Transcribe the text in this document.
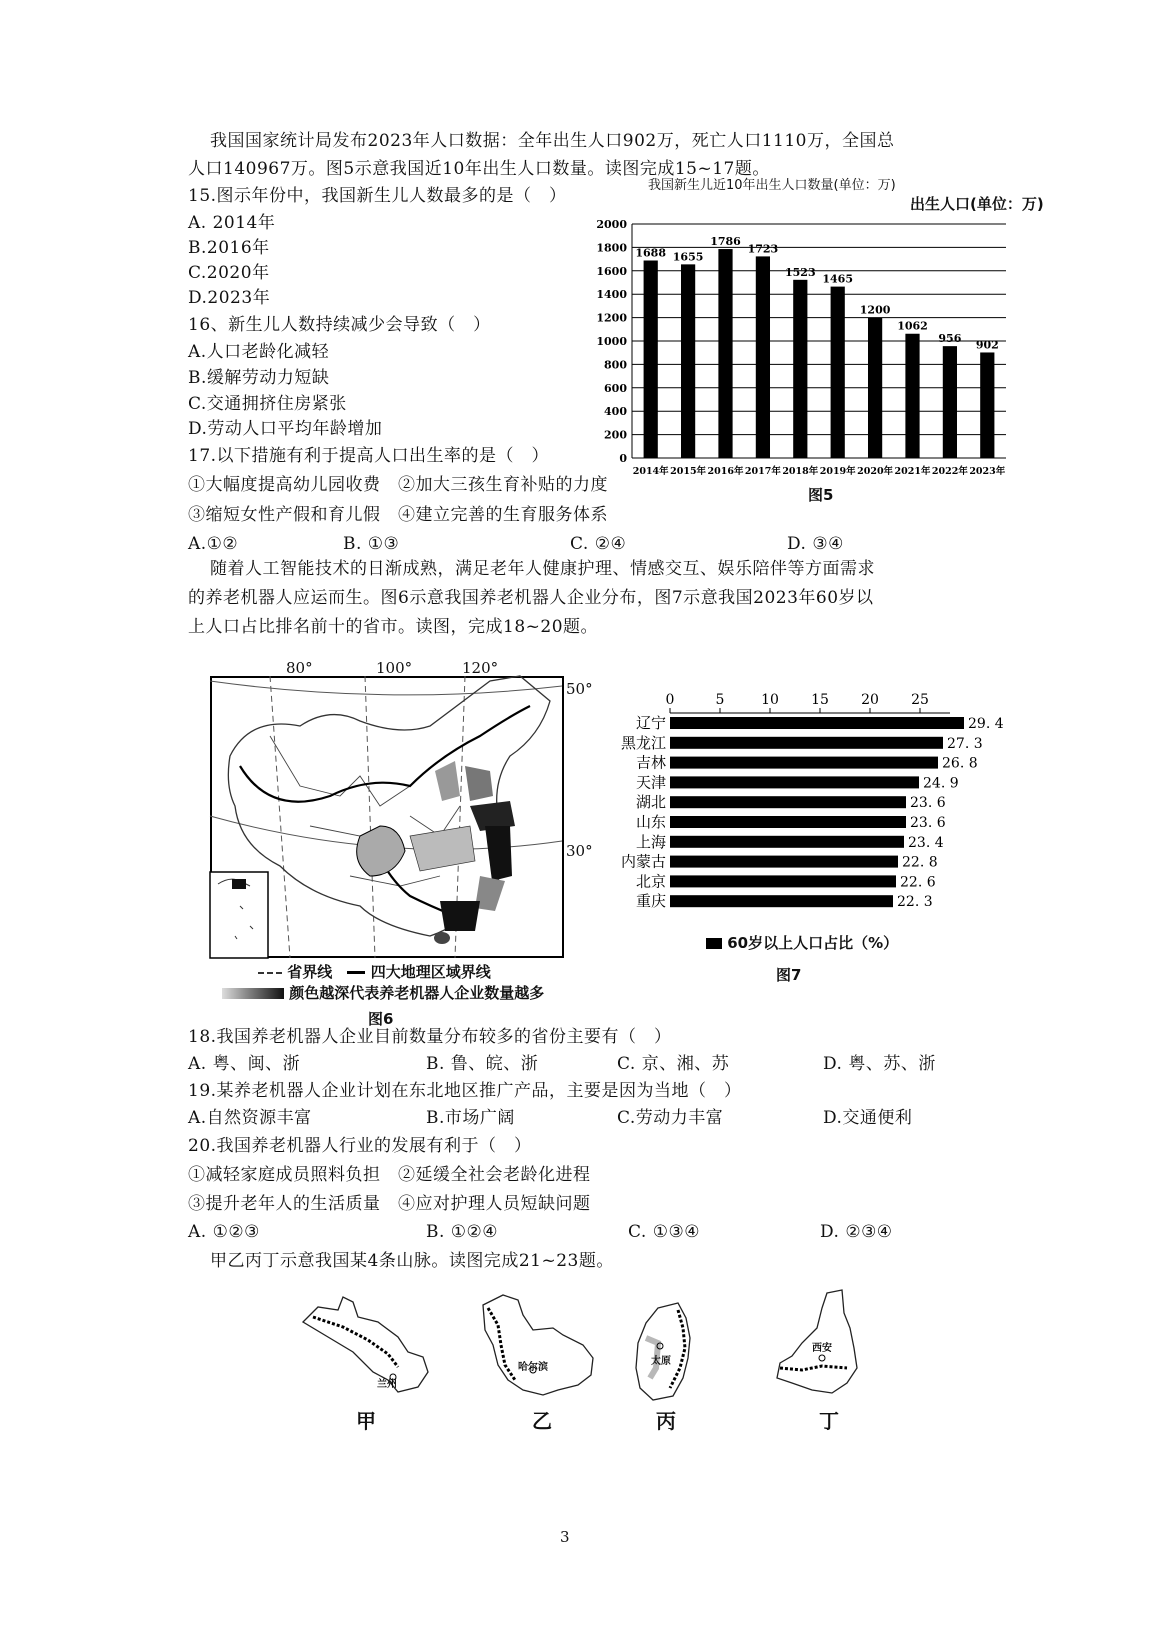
我国国家统计局发布2023年人口数据：全年出生人口902万，死亡人口1110万，全国总
人口140967万。图5示意我国近10年出生人口数量。读图完成15~17题。
15.图示年份中，我国新生儿人数最多的是（　）
A. 2014年
B.2016年
C.2020年
D.2023年
16、新生儿人数持续减少会导致（　）
A.人口老龄化减轻
B.缓解劳动力短缺
C.交通拥挤住房紧张
D.劳动人口平均年龄增加
17.以下措施有利于提高人口出生率的是（　）
①大幅度提高幼儿园收费　②加大三孩生育补贴的力度
③缩短女性产假和育儿假　④建立完善的生育服务体系
A.①②	B. ①③	C. ②④	D. ③④
我国新生儿近10年出生人口数量(单位：万)
出生人口(单位：万)
0
200
400
600
800
1000
1200
1400
1600
1800
2000
1688
2014年
1655
2015年
1786
2016年
1723
2017年
1523
2018年
1465
2019年
1200
2020年
1062
2021年
956
2022年
902
2023年
图5
随着人工智能技术的日渐成熟，满足老年人健康护理、情感交互、娱乐陪伴等方面需求
的养老机器人应运而生。图6示意我国养老机器人企业分布，图7示意我国2023年60岁以
上人口占比排名前十的省市。读图，完成18~20题。
80°	100°	120°
50°
30°
省界线	四大地理区域界线
颜色越深代表养老机器人企业数量越多
图6
0	5	10 15 20 25
辽宁	29. 4
黑龙江	27. 3
吉林	26. 8
天津	24. 9
湖北	23. 6
山东	23. 6
上海	23. 4
内蒙古	22. 8
北京	22. 6
重庆	22. 3
60岁以上人口占比（%）
图7
18.我国养老机器人企业目前数量分布较多的省份主要有（　）
A. 粤、闽、浙	B. 鲁、皖、浙	C. 京、湘、苏	D. 粤、苏、浙
19.某养老机器人企业计划在东北地区推广产品，主要是因为当地（　）
A.自然资源丰富	B.市场广阔	C.劳动力丰富	D.交通便利
20.我国养老机器人行业的发展有利于（　）
①减轻家庭成员照料负担　②延缓全社会老龄化进程
③提升老年人的生活质量　④应对护理人员短缺问题
A. ①②③	B. ①②④	C. ①③④	D. ②③④
甲乙丙丁示意我国某4条山脉。读图完成21~23题。
兰州
哈尔滨
太原
西安
甲	乙	丙	丁
3
